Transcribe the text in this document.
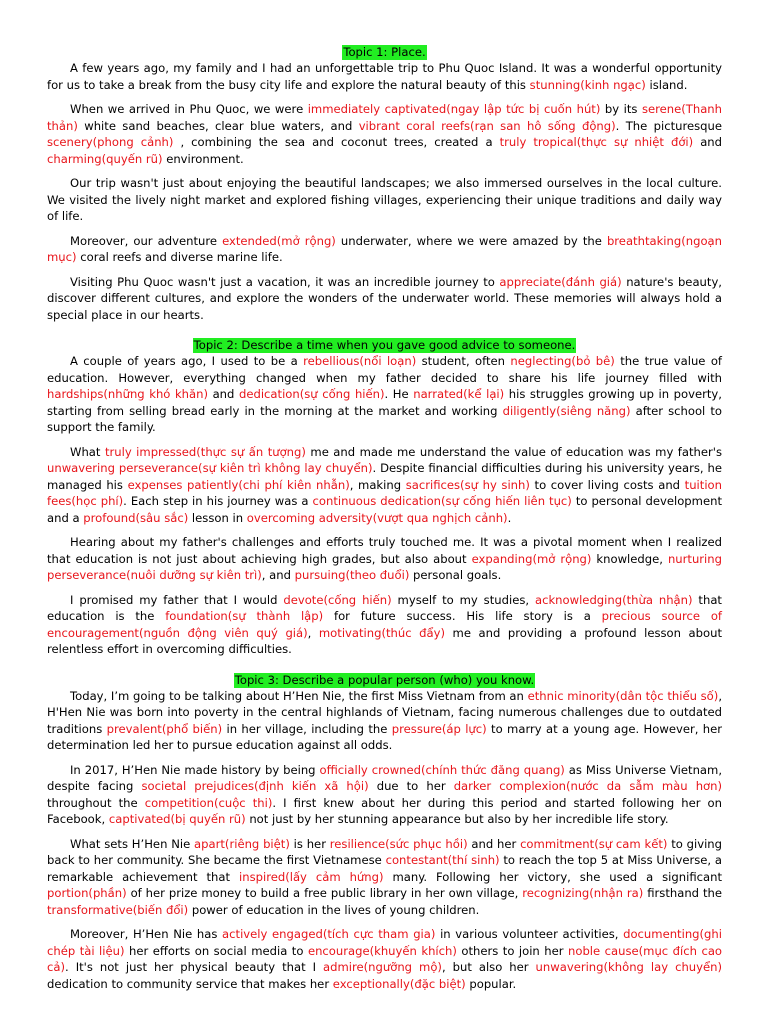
Topic 1: Place.

A few years ago, my family and I had an unforgettable trip to Phu Quoc Island. It was a wonderful opportunity for us to take a break from the busy city life and explore the natural beauty of this stunning(kinh ngạc) island.

When we arrived in Phu Quoc, we were immediately captivated(ngay lập tức bị cuốn hút) by its serene(Thanh thản) white sand beaches, clear blue waters, and vibrant coral reefs(rạn san hô sống động). The picturesque scenery(phong cảnh) , combining the sea and coconut trees, created a truly tropical(thực sự nhiệt đới) and charming(quyến rũ) environment.

Our trip wasn't just about enjoying the beautiful landscapes; we also immersed ourselves in the local culture. We visited the lively night market and explored fishing villages, experiencing their unique traditions and daily way of life.

Moreover, our adventure extended(mở rộng) underwater, where we were amazed by the breathtaking(ngoạn mục) coral reefs and diverse marine life.

Visiting Phu Quoc wasn't just a vacation, it was an incredible journey to appreciate(đánh giá) nature's beauty, discover different cultures, and explore the wonders of the underwater world. These memories will always hold a special place in our hearts.

Topic 2: Describe a time when you gave good advice to someone.

A couple of years ago, I used to be a rebellious(nổi loạn) student, often neglecting(bỏ bê) the true value of education. However, everything changed when my father decided to share his life journey filled with hardships(những khó khăn) and dedication(sự cống hiến). He narrated(kể lại) his struggles growing up in poverty, starting from selling bread early in the morning at the market and working diligently(siêng năng) after school to support the family.

What truly impressed(thực sự ấn tượng) me and made me understand the value of education was my father's unwavering perseverance(sự kiên trì không lay chuyển). Despite financial difficulties during his university years, he managed his expenses patiently(chi phí kiên nhẫn), making sacrifices(sự hy sinh) to cover living costs and tuition fees(học phí). Each step in his journey was a continuous dedication(sự cống hiến liên tục) to personal development and a profound(sâu sắc) lesson in overcoming adversity(vượt qua nghịch cảnh).

Hearing about my father's challenges and efforts truly touched me. It was a pivotal moment when I realized that education is not just about achieving high grades, but also about expanding(mở rộng) knowledge, nurturing perseverance(nuôi dưỡng sự kiên trì), and pursuing(theo đuổi) personal goals.

I promised my father that I would devote(cống hiến) myself to my studies, acknowledging(thừa nhận) that education is the foundation(sự thành lập) for future success. His life story is a precious source of encouragement(nguồn động viên quý giá), motivating(thúc đẩy) me and providing a profound lesson about relentless effort in overcoming difficulties.

Topic 3: Describe a popular person (who) you know.

Today, I’m going to be talking about H’Hen Nie, the first Miss Vietnam from an ethnic minority(dân tộc thiểu số), H'Hen Nie was born into poverty in the central highlands of Vietnam, facing numerous challenges due to outdated traditions prevalent(phổ biến) in her village, including the pressure(áp lực) to marry at a young age. However, her determination led her to pursue education against all odds.

In 2017, H’Hen Nie made history by being officially crowned(chính thức đăng quang) as Miss Universe Vietnam, despite facing societal prejudices(định kiến xã hội) due to her darker complexion(nước da sẫm màu hơn) throughout the competition(cuộc thi). I first knew about her during this period and started following her on Facebook, captivated(bị quyến rũ) not just by her stunning appearance but also by her incredible life story.

What sets H’Hen Nie apart(riêng biệt) is her resilience(sức phục hồi) and her commitment(sự cam kết) to giving back to her community. She became the first Vietnamese contestant(thí sinh) to reach the top 5 at Miss Universe, a remarkable achievement that inspired(lấy cảm hứng) many. Following her victory, she used a significant portion(phần) of her prize money to build a free public library in her own village, recognizing(nhận ra) firsthand the transformative(biến đổi) power of education in the lives of young children.

Moreover, H’Hen Nie has actively engaged(tích cực tham gia) in various volunteer activities, documenting(ghi chép tài liệu) her efforts on social media to encourage(khuyến khích) others to join her noble cause(mục đích cao cả). It's not just her physical beauty that I admire(ngưỡng mộ), but also her unwavering(không lay chuyển) dedication to community service that makes her exceptionally(đặc biệt) popular.
